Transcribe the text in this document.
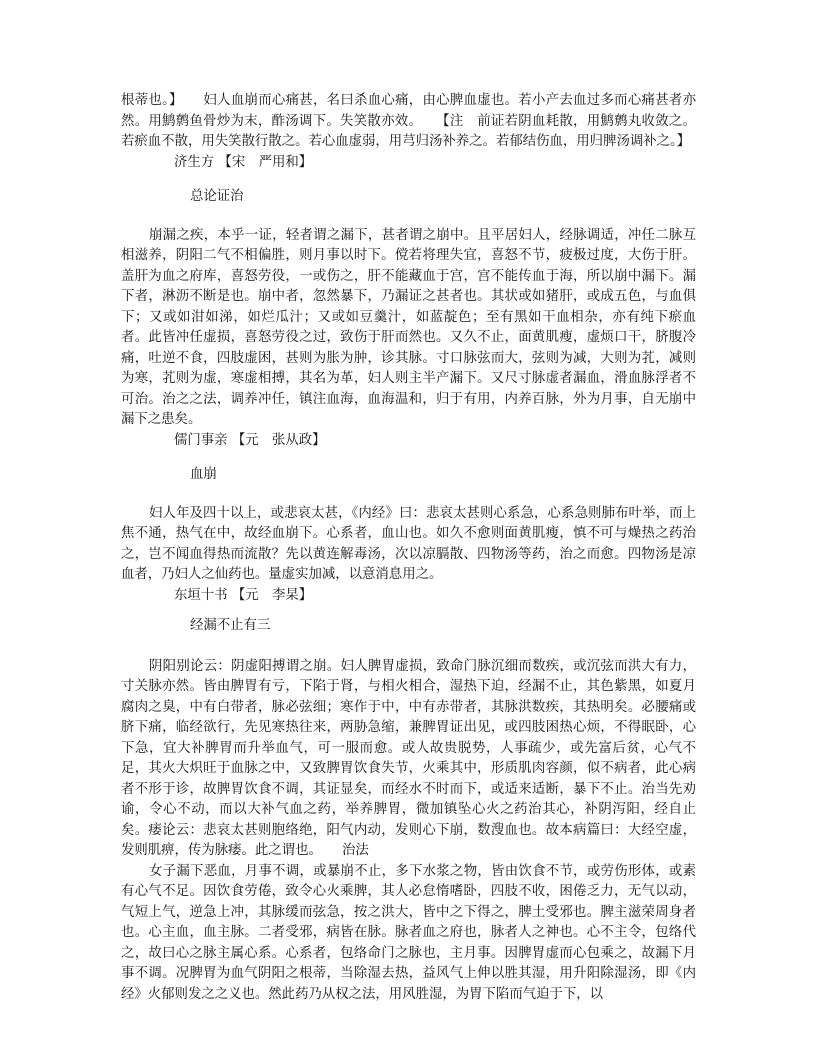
根蒂也。】　　妇人血崩而心痛甚，名曰杀血心痛，由心脾血虚也。若小产去血过多而心痛甚者亦然。用鹪鹩鱼骨炒为末，酢汤调下。失笑散亦效。　　【注　前证若阴血耗散，用鹪鹩丸收敛之。若瘀血不散，用失笑散行散之。若心血虚弱，用芎归汤补养之。若郁结伤血，用归脾汤调补之。】

济生方 【宋　严用和】

总论证治

崩漏之疾，本乎一证，轻者谓之漏下，甚者谓之崩中。且平居妇人，经脉调适，冲任二脉互相滋养，阴阳二气不相偏胜，则月事以时下。傥若将理失宜，喜怒不节，疲极过度，大伤于肝。盖肝为血之府库，喜怒劳役，一或伤之，肝不能藏血于宫，宫不能传血于海，所以崩中漏下。漏下者，淋沥不断是也。崩中者，忽然暴下，乃漏证之甚者也。其状或如猪肝，或成五色，与血俱下；又或如泔如涕，如烂瓜汁；又或如豆羹汁，如蓝靛色；至有黑如干血相杂，亦有纯下瘀血者。此皆冲任虚损，喜怒劳役之过，致伤于肝而然也。又久不止，面黄肌瘦，虚烦口干，脐腹冷痛，吐逆不食，四肢虚困，甚则为胀为肿，诊其脉。寸口脉弦而大，弦则为减，大则为芤，减则为寒，芤则为虚，寒虚相搏，其名为革，妇人则主半产漏下。又尺寸脉虚者漏血，滑血脉浮者不可治。治之之法，调养冲任，镇注血海，血海温和，归于有用，内养百脉，外为月事，自无崩中漏下之患矣。

儒门事亲 【元　张从政】

血崩

妇人年及四十以上，或悲哀太甚，《内经》曰：悲哀太甚则心系急，心系急则肺布叶举，而上焦不通，热气在中，故经血崩下。心系者，血山也。如久不愈则面黄肌瘦，慎不可与燥热之药治之，岂不闻血得热而流散？先以黄连解毒汤，次以凉膈散、四物汤等药，治之而愈。四物汤是凉血者，乃妇人之仙药也。量虚实加减，以意消息用之。

东垣十书 【元　李杲】

经漏不止有三

阴阳别论云：阴虚阳搏谓之崩。妇人脾胃虚损，致命门脉沉细而数疾，或沉弦而洪大有力，寸关脉亦然。皆由脾胃有亏，下陷于肾，与相火相合，湿热下迫，经漏不止，其色紫黑，如夏月腐肉之臭，中有白带者，脉必弦细；寒作于中，中有赤带者，其脉洪数疾，其热明矣。必腰痛或脐下痛，临经欲行，先见寒热往来，两胁急缩，兼脾胃证出见，或四肢困热心烦，不得眠卧，心下急，宜大补脾胃而升举血气，可一服而愈。或人故贵脱势，人事疏少，或先富后贫，心气不足，其火大炽旺于血脉之中，又致脾胃饮食失节，火乘其中，形质肌肉容颜，似不病者，此心病者不形于诊，故脾胃饮食不调，其证显矣，而经水不时而下，或适来适断，暴下不止。治当先劝谕，令心不动，而以大补气血之药，举养脾胃，微加镇坠心火之药治其心，补阴泻阳，经自止矣。痿论云：悲哀太甚则胞络绝，阳气内动，发则心下崩，数溲血也。故本病篇曰：大经空虚，发则肌痹，传为脉痿。此之谓也。　　治法

女子漏下恶血，月事不调，或暴崩不止，多下水浆之物，皆由饮食不节，或劳伤形体，或素有心气不足。因饮食劳倦，致令心火乘脾，其人必怠惰嗜卧，四肢不收，困倦乏力，无气以动，气短上气，逆急上冲，其脉缓而弦急，按之洪大，皆中之下得之，脾土受邪也。脾主滋荣周身者也。心主血，血主脉。二者受邪，病皆在脉。脉者血之府也，脉者人之神也。心不主令，包络代之，故曰心之脉主属心系。心系者，包络命门之脉也，主月事。因脾胃虚而心包乘之，故漏下月事不调。况脾胃为血气阴阳之根蒂，当除湿去热，益风气上伸以胜其湿，用升阳除湿汤，即《内经》火郁则发之之义也。然此药乃从权之法，用风胜湿，为胃下陷而气迫于下，以
